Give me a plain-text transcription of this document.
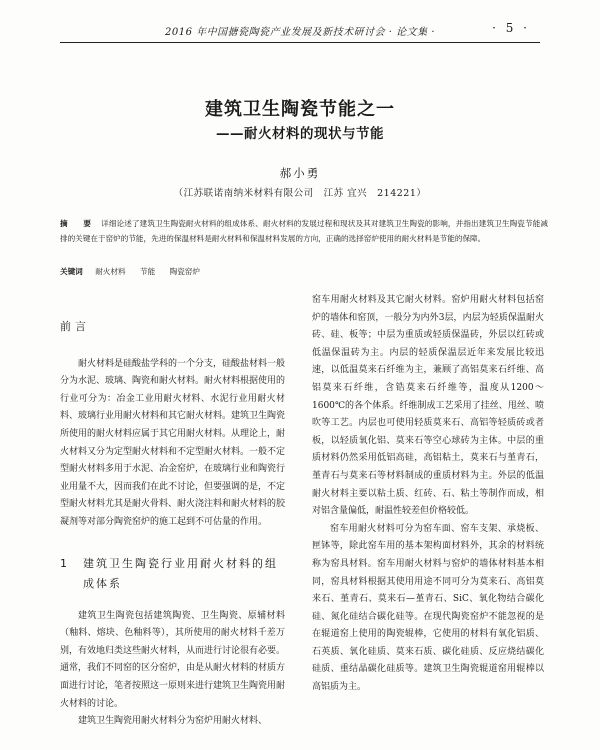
2016 年中国搪瓷陶瓷产业发展及新技术研讨会 · 论文集 ·	· 5 ·
建筑卫生陶瓷节能之一
——耐火材料的现状与节能
郝小勇
（江苏联诺南纳米材料有限公司　江苏 宜兴　214221）
摘　要 详细论述了建筑卫生陶瓷耐火材料的组成体系、耐火材料的发展过程和现状及其对建筑卫生陶瓷的影响，并指出建筑卫生陶瓷节能减排的关键在于窑炉的节能，先进的保温材料是耐火材料和保温材料发展的方向，正确的选择窑炉使用的耐火材料是节能的保障。
关键词 耐火材料 节能 陶瓷窑炉
前言

耐火材料是硅酸盐学科的一个分支，硅酸盐材料一般分为水泥、玻璃、陶瓷和耐火材料。耐火材料根据使用的行业可分为：冶金工业用耐火材料、水泥行业用耐火材料、玻璃行业用耐火材料和其它耐火材料。建筑卫生陶瓷所使用的耐火材料应属于其它用耐火材料。从理论上，耐火材料又分为定型耐火材料和不定型耐火材料。一般不定型耐火材料多用于水泥、冶金窑炉，在玻璃行业和陶瓷行业用量不大，因而我们在此不讨论，但要强调的是，不定型耐火材料尤其是耐火骨料、耐火浇注料和耐火材料的胶凝剂等对部分陶瓷窑炉的施工起到不可估量的作用。

1 建筑卫生陶瓷行业用耐火材料的组成体系

建筑卫生陶瓷包括建筑陶瓷、卫生陶瓷、原辅材料（釉料、熔块、色釉料等），其所使用的耐火材料千差万别，有效地归类这些耐火材料，从而进行讨论很有必要。通常，我们不同窑的区分窑炉，由是从耐火材料的材质方面进行讨论，笔者按照这一原则来进行建筑卫生陶瓷用耐火材料的讨论。

建筑卫生陶瓷用耐火材料分为窑炉用耐火材料、

窑车用耐火材料及其它耐火材料。窑炉用耐火材料包括窑炉的墙体和窑顶，一般分为内外3层，内层为轻质保温耐火砖、硅、板等；中层为重质或轻质保温砖，外层以红砖或低温保温砖为主。内层的轻质保温层近年来发展比较迅速，以低温莫来石纤维为主，兼顾了高铝莫来石纤维、高铝莫来石纤维，含锆莫来石纤维等，温度从1200～1600℃的各个体系。纤维制成工艺采用了挂丝、甩丝、喷吹等工艺。内层也可使用轻质莫来石、高铝等轻质砖或者板，以轻质氧化铝、莫来石等空心球砖为主体。中层的重质材料仍然采用低铝高硅，高铝粘土，莫来石与堇青石，堇青石与莫来石等材料制成的重质材料为主。外层的低温耐火材料主要以粘土质、红砖、石、粘土等制作而成，相对铝含量偏低，耐温性较差但价格较低。

窑车用耐火材料可分为窑车面、窑车支架、承烧板、匣钵等，除此窑车用的基本架构面材料外，其余的材料统称为窑具材料。窑车用耐火材料与窑炉的墙体材料基本相同，窑具材料根据其使用用途不同可分为莫来石、高铝莫来石、堇青石、莫来石—堇青石、SiC、氧化物结合碳化硅、氮化硅结合碳化硅等。在现代陶瓷窑炉不能忽视的是在辊道窑上使用的陶瓷辊棒，它使用的材料有氧化铝质、石英质、氧化硅质、莫来石质、碳化硅质、反应烧结碳化硅质、重结晶碳化硅质等。建筑卫生陶瓷辊道窑用辊棒以高铝质为主。
